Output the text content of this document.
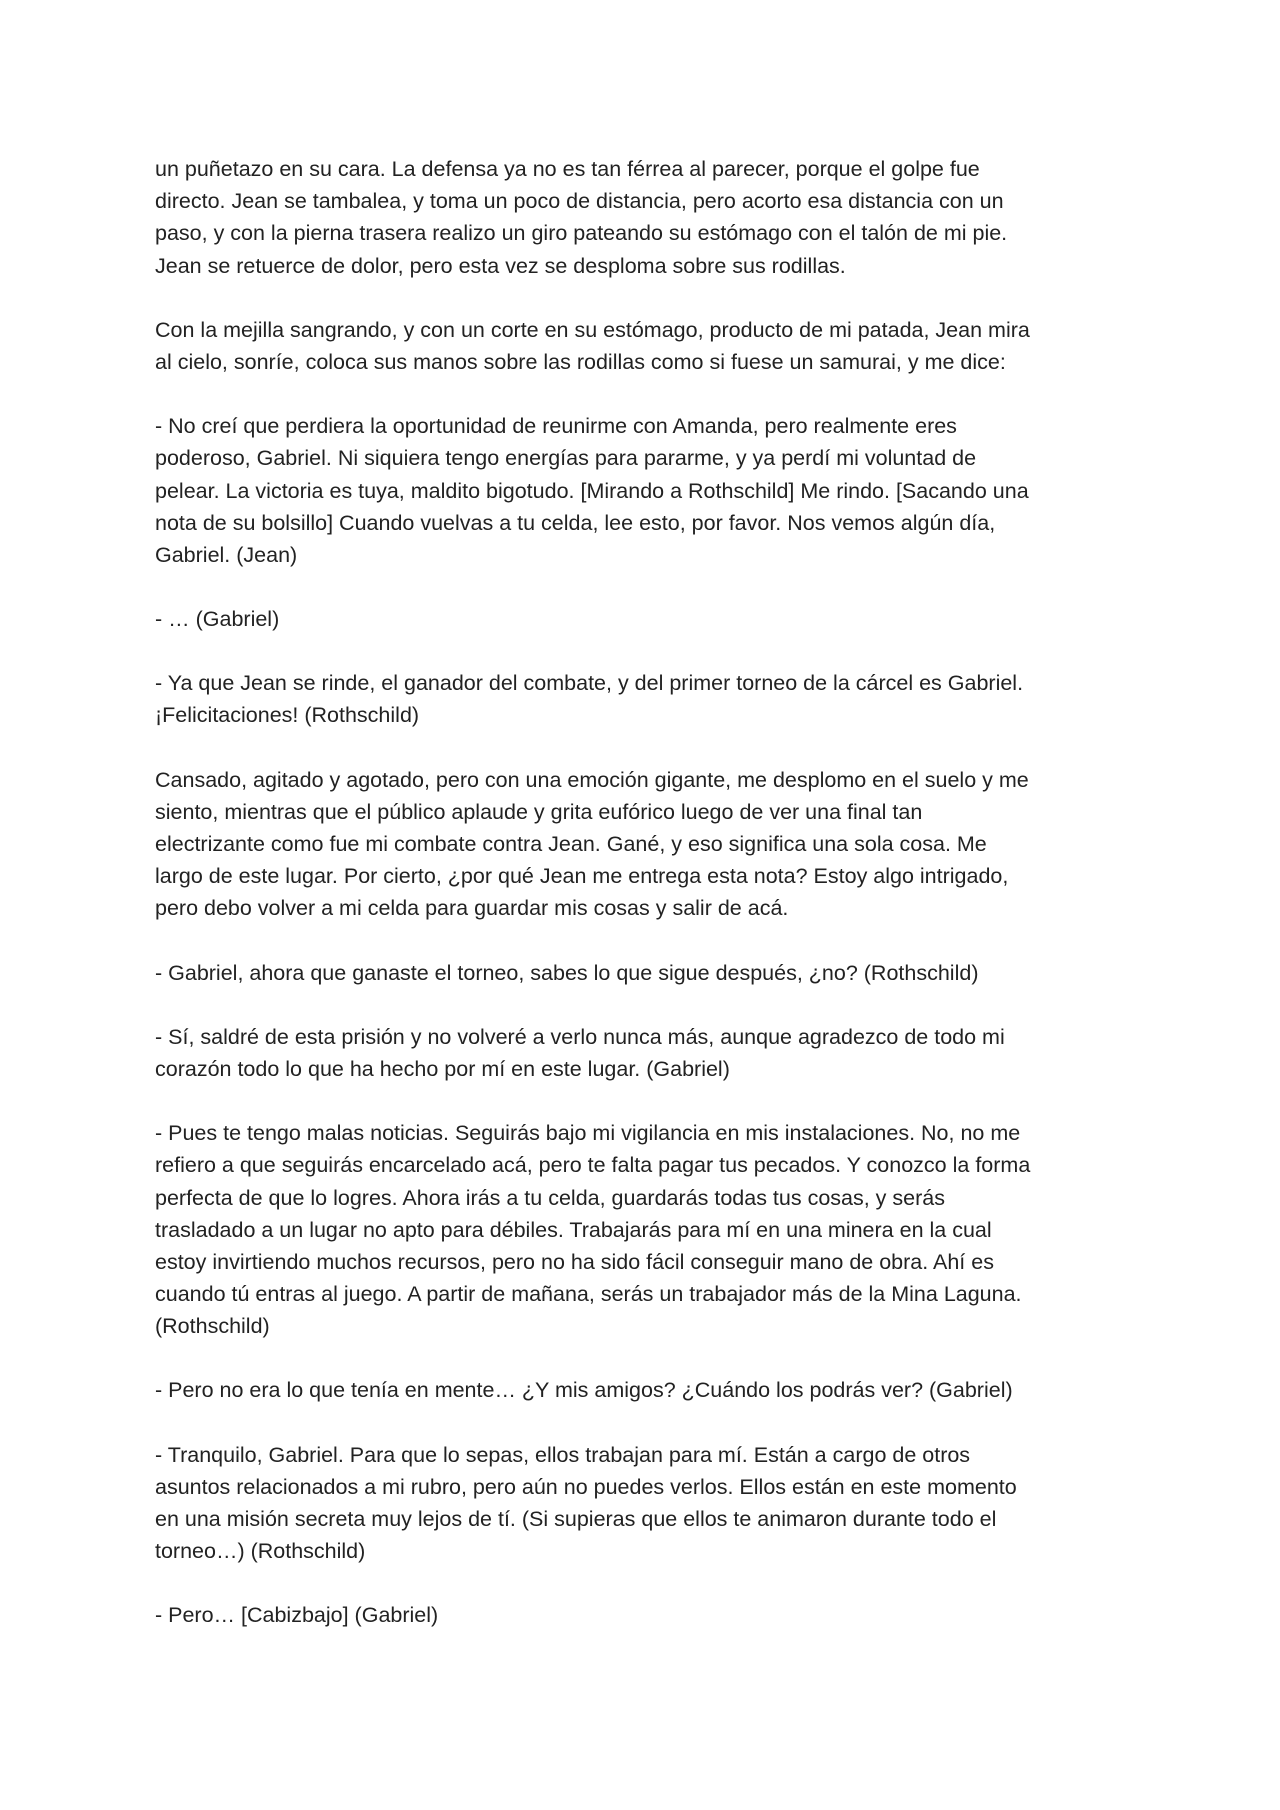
un puñetazo en su cara. La defensa ya no es tan férrea al parecer, porque el golpe fue
directo. Jean se tambalea, y toma un poco de distancia, pero acorto esa distancia con un
paso, y con la pierna trasera realizo un giro pateando su estómago con el talón de mi pie.
Jean se retuerce de dolor, pero esta vez se desploma sobre sus rodillas.
Con la mejilla sangrando, y con un corte en su estómago, producto de mi patada, Jean mira
al cielo, sonríe, coloca sus manos sobre las rodillas como si fuese un samurai, y me dice:
- No creí que perdiera la oportunidad de reunirme con Amanda, pero realmente eres
poderoso, Gabriel. Ni siquiera tengo energías para pararme, y ya perdí mi voluntad de
pelear. La victoria es tuya, maldito bigotudo. [Mirando a Rothschild] Me rindo. [Sacando una
nota de su bolsillo] Cuando vuelvas a tu celda, lee esto, por favor. Nos vemos algún día,
Gabriel. (Jean)
- … (Gabriel)
- Ya que Jean se rinde, el ganador del combate, y del primer torneo de la cárcel es Gabriel.
¡Felicitaciones! (Rothschild)
Cansado, agitado y agotado, pero con una emoción gigante, me desplomo en el suelo y me
siento, mientras que el público aplaude y grita eufórico luego de ver una final tan
electrizante como fue mi combate contra Jean. Gané, y eso significa una sola cosa. Me
largo de este lugar. Por cierto, ¿por qué Jean me entrega esta nota? Estoy algo intrigado,
pero debo volver a mi celda para guardar mis cosas y salir de acá.
- Gabriel, ahora que ganaste el torneo, sabes lo que sigue después, ¿no? (Rothschild)
- Sí, saldré de esta prisión y no volveré a verlo nunca más, aunque agradezco de todo mi
corazón todo lo que ha hecho por mí en este lugar. (Gabriel)
- Pues te tengo malas noticias. Seguirás bajo mi vigilancia en mis instalaciones. No, no me
refiero a que seguirás encarcelado acá, pero te falta pagar tus pecados. Y conozco la forma
perfecta de que lo logres. Ahora irás a tu celda, guardarás todas tus cosas, y serás
trasladado a un lugar no apto para débiles. Trabajarás para mí en una minera en la cual
estoy invirtiendo muchos recursos, pero no ha sido fácil conseguir mano de obra. Ahí es
cuando tú entras al juego. A partir de mañana, serás un trabajador más de la Mina Laguna.
(Rothschild)
- Pero no era lo que tenía en mente… ¿Y mis amigos? ¿Cuándo los podrás ver? (Gabriel)
- Tranquilo, Gabriel. Para que lo sepas, ellos trabajan para mí. Están a cargo de otros
asuntos relacionados a mi rubro, pero aún no puedes verlos. Ellos están en este momento
en una misión secreta muy lejos de tí. (Si supieras que ellos te animaron durante todo el
torneo…) (Rothschild)
- Pero… [Cabizbajo] (Gabriel)
